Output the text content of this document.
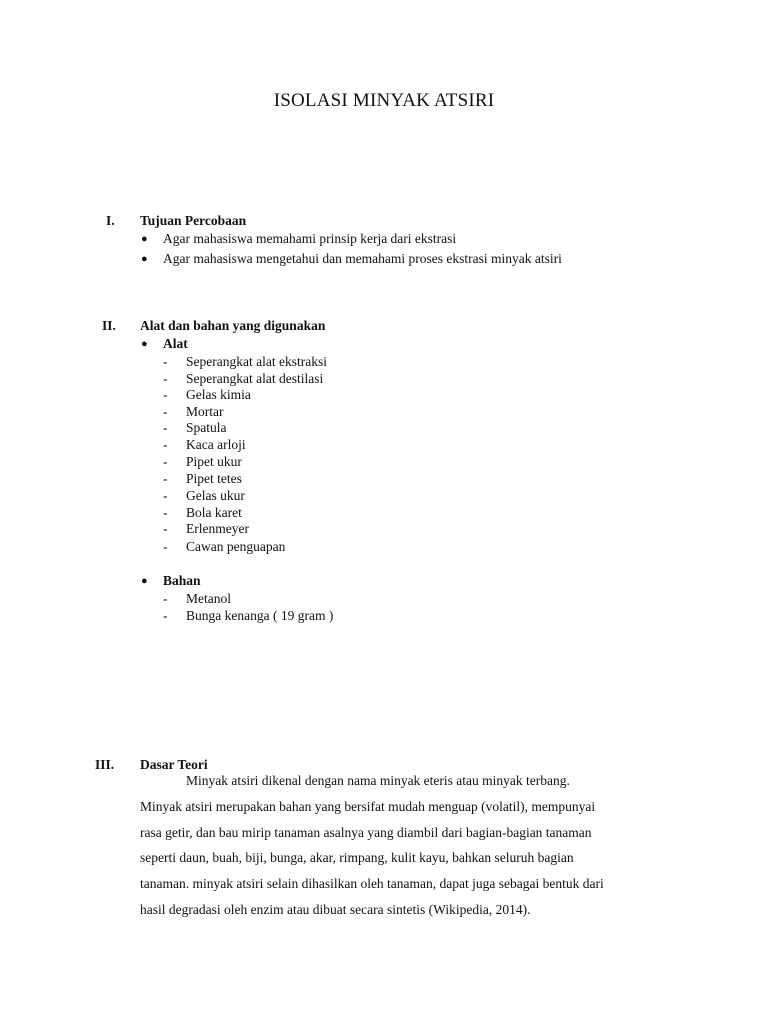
ISOLASI MINYAK ATSIRI
I. Tujuan Percobaan
● Agar mahasiswa memahami prinsip kerja dari ekstrasi
● Agar mahasiswa mengetahui dan memahami proses ekstrasi minyak atsiri
II. Alat dan bahan yang digunakan
● Alat
- Seperangkat alat ekstraksi
- Seperangkat alat destilasi
- Gelas kimia
- Mortar
- Spatula
- Kaca arloji
- Pipet ukur
- Pipet tetes
- Gelas ukur
- Bola karet
- Erlenmeyer
- Cawan penguapan
● Bahan
- Metanol
- Bunga kenanga ( 19 gram )
III. Dasar Teori
Minyak atsiri dikenal dengan nama minyak eteris atau minyak terbang.
Minyak atsiri merupakan bahan yang bersifat mudah menguap (volatil), mempunyai
rasa getir, dan bau mirip tanaman asalnya yang diambil dari bagian-bagian tanaman
seperti daun, buah, biji, bunga, akar, rimpang, kulit kayu, bahkan seluruh bagian
tanaman. minyak atsiri selain dihasilkan oleh tanaman, dapat juga sebagai bentuk dari
hasil degradasi oleh enzim atau dibuat secara sintetis (Wikipedia, 2014).
